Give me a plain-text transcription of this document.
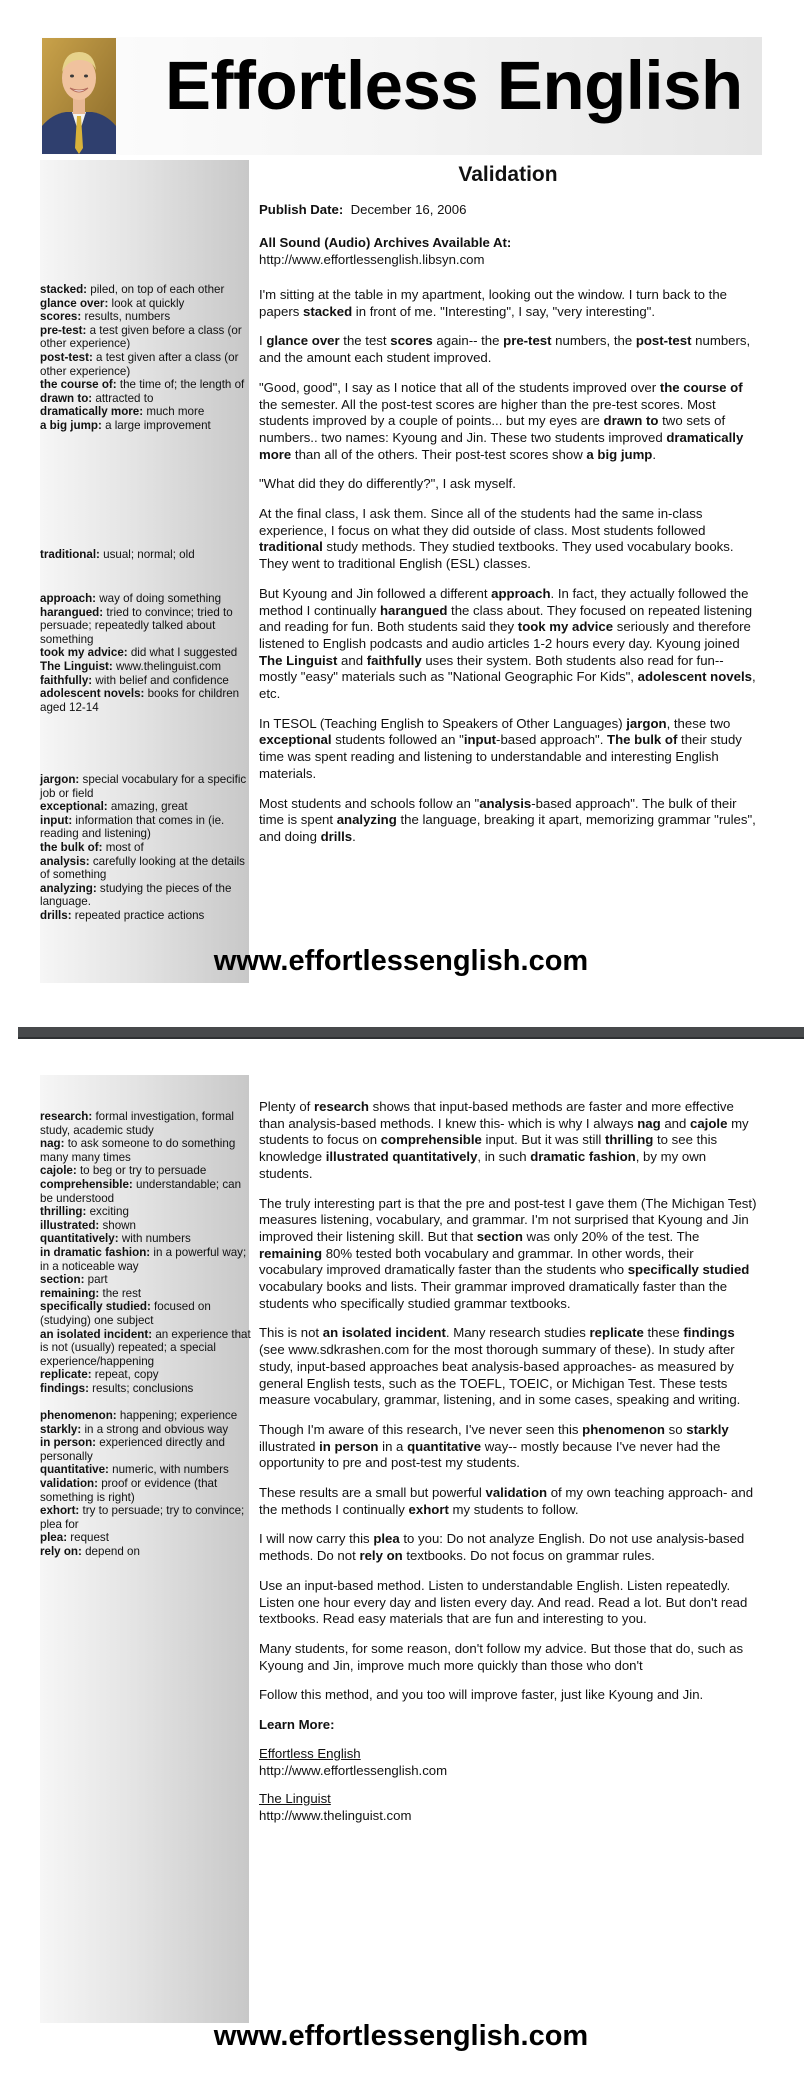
Effortless English
stacked: piled, on top of each other
glance over: look at quickly
scores: results, numbers
pre-test: a test given before a class (or other experience)
post-test: a test given after a class (or other experience)
the course of: the time of; the length of
drawn to: attracted to
dramatically more: much more
a big jump: a large improvement
traditional: usual; normal; old
approach: way of doing something
harangued: tried to convince; tried to persuade; repeatedly talked about something
took my advice: did what I suggested
The Linguist: www.thelinguist.com
faithfully: with belief and confidence
adolescent novels: books for children aged 12-14
jargon: special vocabulary for a specific job or field
exceptional: amazing, great
input: information that comes in (ie. reading and listening)
the bulk of: most of
analysis: carefully looking at the details of something
analyzing: studying the pieces of the language.
drills: repeated practice actions
Validation
Publish Date: December 16, 2006
All Sound (Audio) Archives Available At:
http://www.effortlessenglish.libsyn.com

I'm sitting at the table in my apartment, looking out the window. I turn back to the papers stacked in front of me. "Interesting", I say, "very interesting".

I glance over the test scores again-- the pre-test numbers, the post-test numbers, and the amount each student improved.

"Good, good", I say as I notice that all of the students improved over the course of the semester. All the post-test scores are higher than the pre-test scores. Most students improved by a couple of points... but my eyes are drawn to two sets of numbers.. two names: Kyoung and Jin. These two students improved dramatically more than all of the others. Their post-test scores show a big jump.

"What did they do differently?", I ask myself.

At the final class, I ask them. Since all of the students had the same in-class experience, I focus on what they did outside of class. Most students followed traditional study methods. They studied textbooks. They used vocabulary books. They went to traditional English (ESL) classes.

But Kyoung and Jin followed a different approach. In fact, they actually followed the method I continually harangued the class about. They focused on repeated listening and reading for fun. Both students said they took my advice seriously and therefore listened to English podcasts and audio articles 1-2 hours every day. Kyoung joined The Linguist and faithfully uses their system. Both students also read for fun-- mostly "easy" materials such as "National Geographic For Kids", adolescent novels, etc.

In TESOL (Teaching English to Speakers of Other Languages) jargon, these two exceptional students followed an "input-based approach". The bulk of their study time was spent reading and listening to understandable and interesting English materials.

Most students and schools follow an "analysis-based approach". The bulk of their time is spent analyzing the language, breaking it apart, memorizing grammar "rules", and doing drills.

www.effortlessenglish.com
research: formal investigation, formal study, academic study
nag: to ask someone to do something many many times
cajole: to beg or try to persuade
comprehensible: understandable; can be understood
thrilling: exciting
illustrated: shown
quantitatively: with numbers
in dramatic fashion: in a powerful way; in a noticeable way
section: part
remaining: the rest
specifically studied: focused on (studying) one subject
an isolated incident: an experience that is not (usually) repeated; a special experience/happening
replicate: repeat, copy
findings: results; conclusions
phenomenon: happening; experience
starkly: in a strong and obvious way
in person: experienced directly and personally
quantitative: numeric, with numbers
validation: proof or evidence (that something is right)
exhort: try to persuade; try to convince; plea for
plea: request
rely on: depend on

Plenty of research shows that input-based methods are faster and more effective than analysis-based methods. I knew this- which is why I always nag and cajole my students to focus on comprehensible input. But it was still thrilling to see this knowledge illustrated quantitatively, in such dramatic fashion, by my own students.

The truly interesting part is that the pre and post-test I gave them (The Michigan Test) measures listening, vocabulary, and grammar. I'm not surprised that Kyoung and Jin improved their listening skill. But that section was only 20% of the test. The remaining 80% tested both vocabulary and grammar. In other words, their vocabulary improved dramatically faster than the students who specifically studied vocabulary books and lists. Their grammar improved dramatically faster than the students who specifically studied grammar textbooks.

This is not an isolated incident. Many research studies replicate these findings (see www.sdkrashen.com for the most thorough summary of these). In study after study, input-based approaches beat analysis-based approaches- as measured by general English tests, such as the TOEFL, TOEIC, or Michigan Test. These tests measure vocabulary, grammar, listening, and in some cases, speaking and writing.

Though I'm aware of this research, I've never seen this phenomenon so starkly illustrated in person in a quantitative way-- mostly because I've never had the opportunity to pre and post-test my students.

These results are a small but powerful validation of my own teaching approach- and the methods I continually exhort my students to follow.

I will now carry this plea to you: Do not analyze English. Do not use analysis-based methods. Do not rely on textbooks. Do not focus on grammar rules.

Use an input-based method. Listen to understandable English. Listen repeatedly. Listen one hour every day and listen every day. And read. Read a lot. But don't read textbooks. Read easy materials that are fun and interesting to you.

Many students, for some reason, don't follow my advice. But those that do, such as Kyoung and Jin, improve much more quickly than those who don't

Follow this method, and you too will improve faster, just like Kyoung and Jin.

Learn More:
Effortless English
http://www.effortlessenglish.com
The Linguist
http://www.thelinguist.com
www.effortlessenglish.com
